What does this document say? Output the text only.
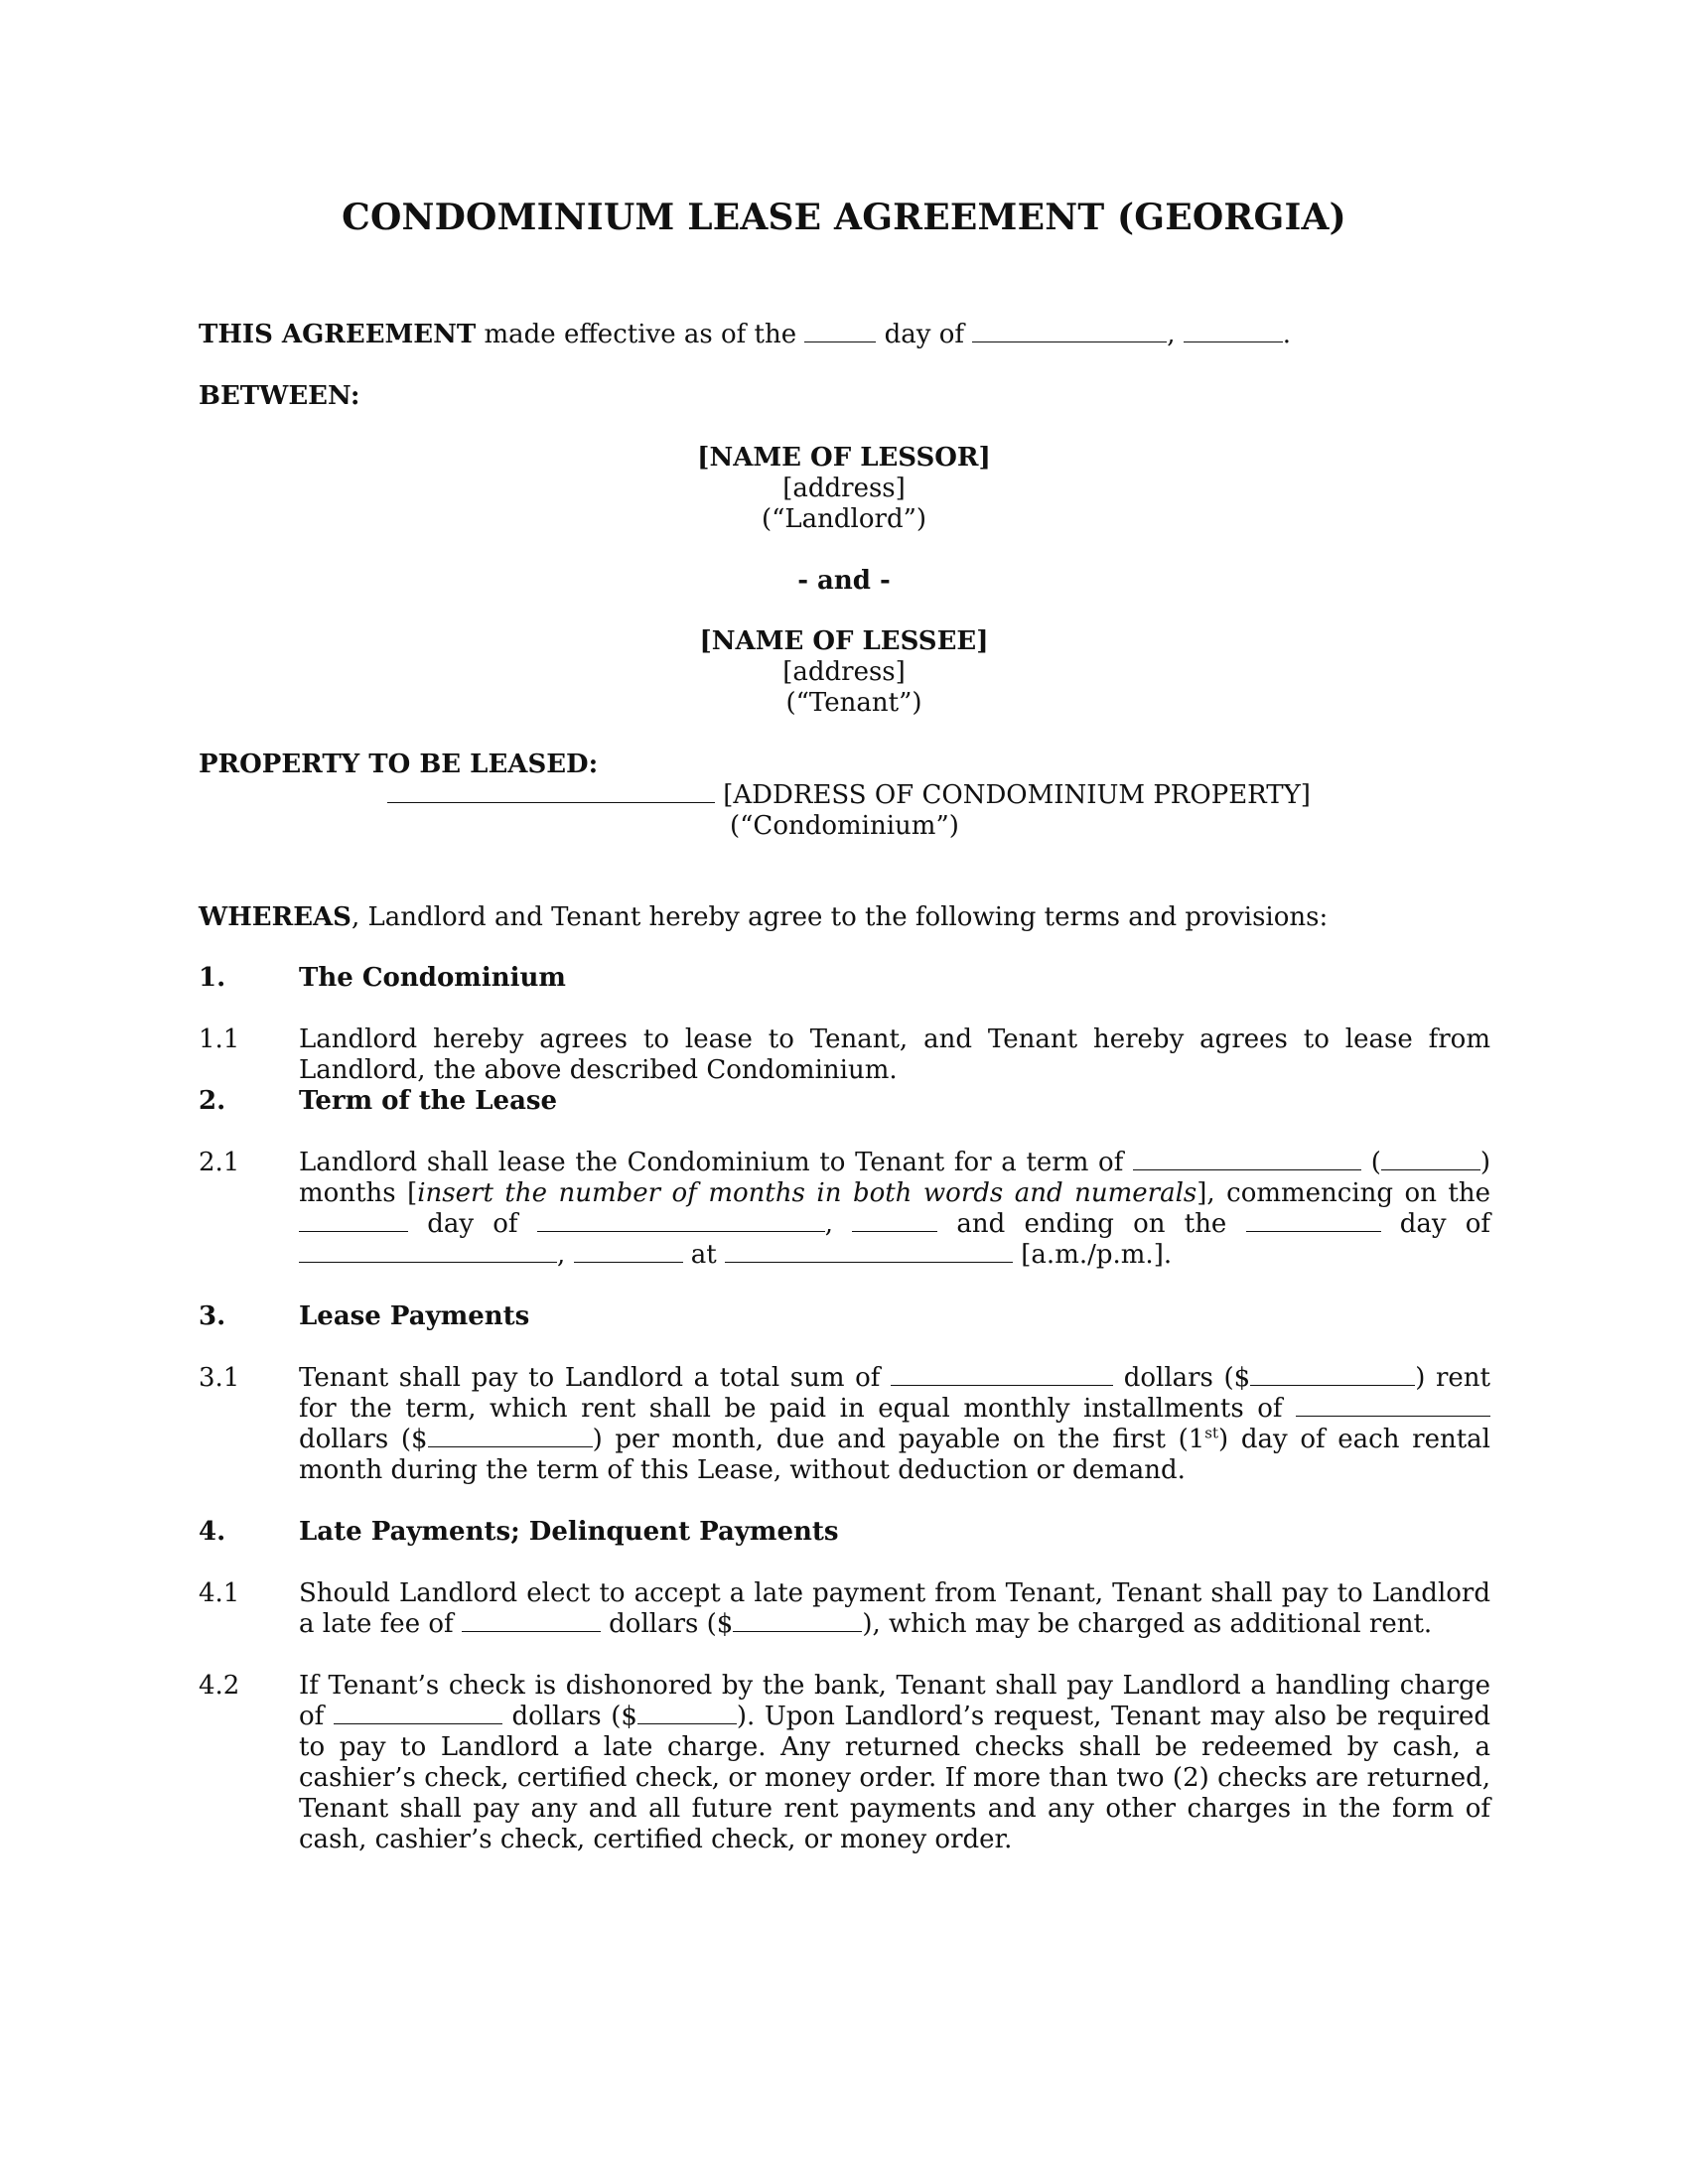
CONDOMINIUM LEASE AGREEMENT (GEORGIA)
THIS AGREEMENT made effective as of the	day of	,	.
BETWEEN:
[NAME OF LESSOR]
[address]
(“Landlord”)
- and -
[NAME OF LESSEE]
[address]
(“Tenant”)
PROPERTY TO BE LEASED:
[ADDRESS OF CONDOMINIUM PROPERTY]
(“Condominium”)
WHEREAS, Landlord and Tenant hereby agree to the following terms and provisions:
1.	The Condominium
1.1 Landlord hereby agrees to lease to Tenant, and Tenant hereby agrees to lease from Landlord, the above described Condominium.
2.	Term of the Lease
2.1 Landlord shall lease the Condominium to Tenant for a term of	(	) months [insert the number of months in both words and numerals], commencing on the  day of	,	and ending on the	day of ,	at	[a.m./p.m.].
3.	Lease Payments
3.1 Tenant shall pay to Landlord a total sum of	dollars ($	) rent for the term, which rent shall be paid in equal monthly installments of  dollars ($	) per month, due and payable on the first (1st) day of each rental month during the term of this Lease, without deduction or demand.
4.	Late Payments; Delinquent Payments
4.1 Should Landlord elect to accept a late payment from Tenant, Tenant shall pay to Landlord a late fee of	dollars ($	), which may be charged as additional rent.
4.2 If Tenant’s check is dishonored by the bank, Tenant shall pay Landlord a handling charge of	dollars ($	). Upon Landlord’s request, Tenant may also be required to pay to Landlord a late charge. Any returned checks shall be redeemed by cash, a cashier’s check, certified check, or money order. If more than two (2) checks are returned, Tenant shall pay any and all future rent payments and any other charges in the form of cash, cashier’s check, certified check, or money order.
